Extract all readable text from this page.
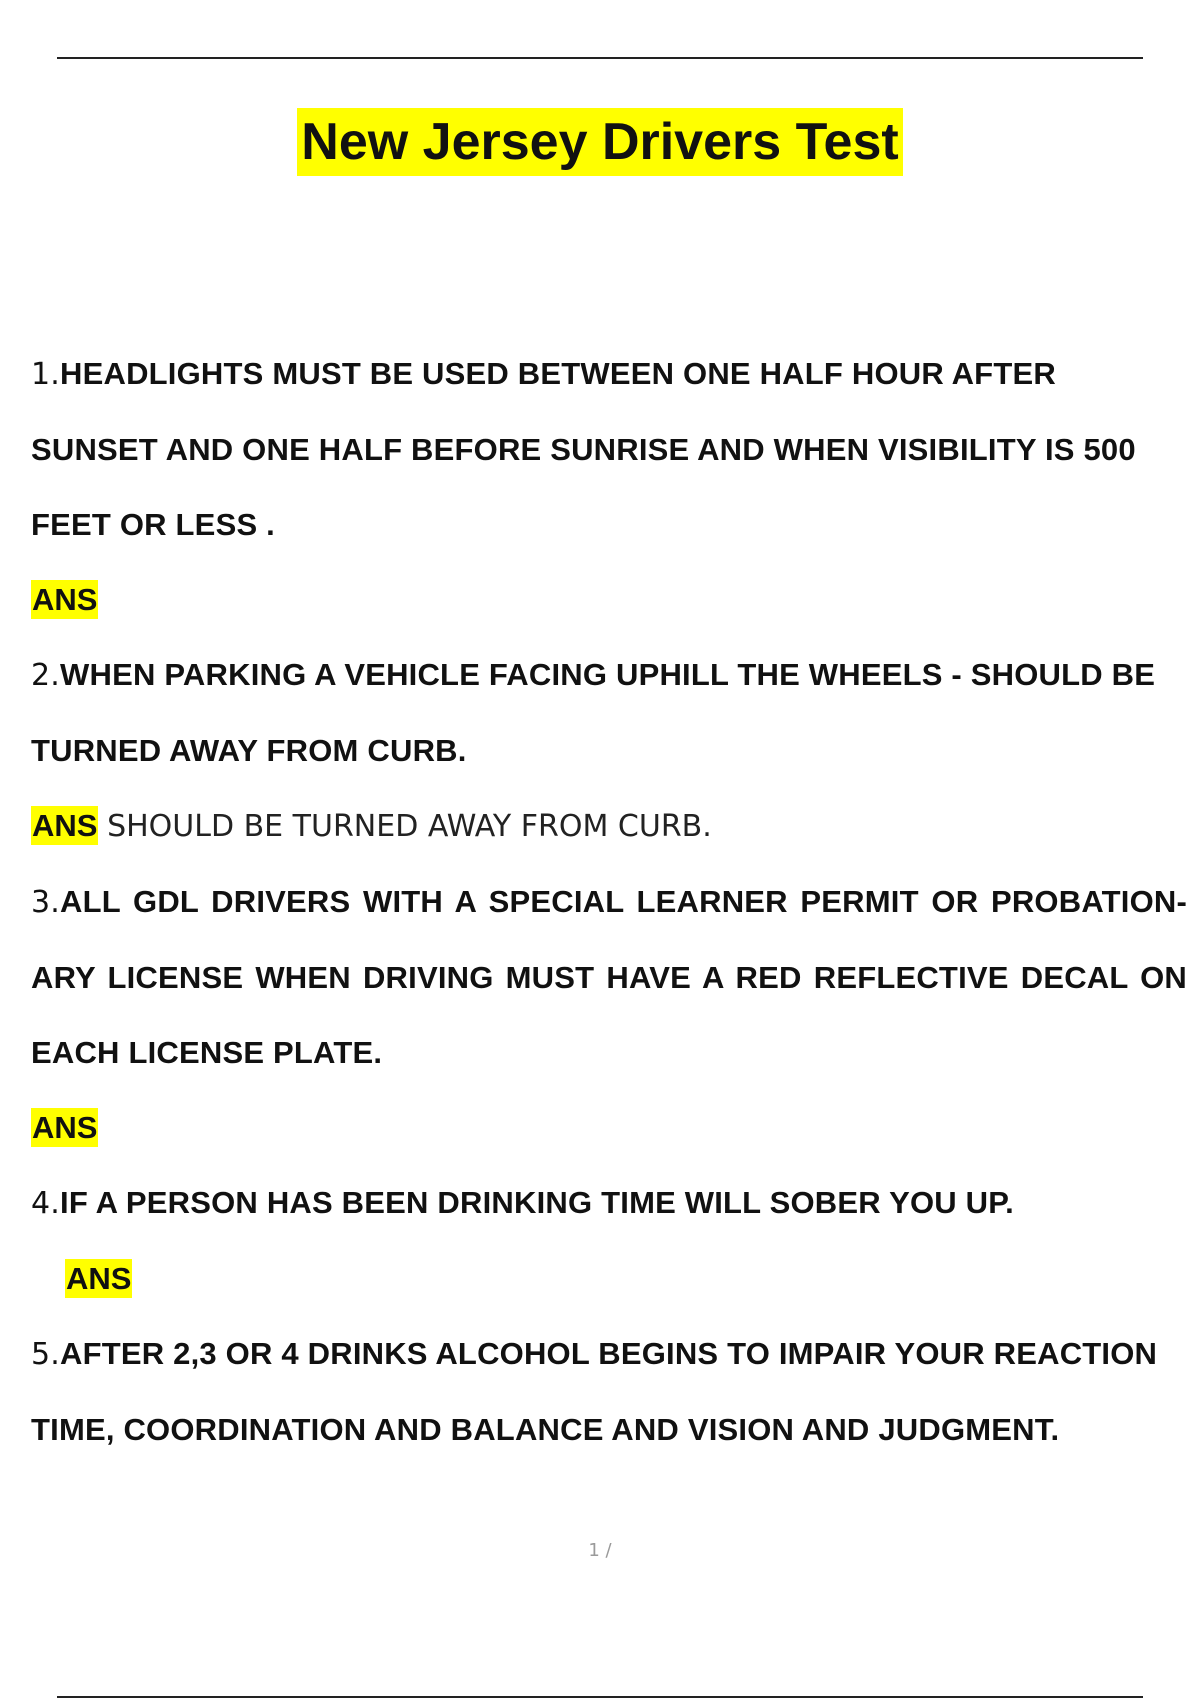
New Jersey Drivers Test

1.HEADLIGHTS MUST BE USED BETWEEN ONE HALF HOUR AFTER SUNSET AND ONE HALF BEFORE SUNRISE AND WHEN VISIBILITY IS 500 FEET OR LESS .

ANS

2.WHEN PARKING A VEHICLE FACING UPHILL THE WHEELS - SHOULD BE TURNED AWAY FROM CURB.

ANS SHOULD BE TURNED AWAY FROM CURB.

3.ALL GDL DRIVERS WITH A SPECIAL LEARNER PERMIT OR PROBATION- ARY LICENSE WHEN DRIVING MUST HAVE A RED REFLECTIVE DECAL ON EACH LICENSE PLATE.

ANS

4.IF A PERSON HAS BEEN DRINKING TIME WILL SOBER YOU UP.

ANS

5.AFTER 2,3 OR 4 DRINKS ALCOHOL BEGINS TO IMPAIR YOUR REACTION TIME, COORDINATION AND BALANCE AND VISION AND JUDGMENT.

1 /
